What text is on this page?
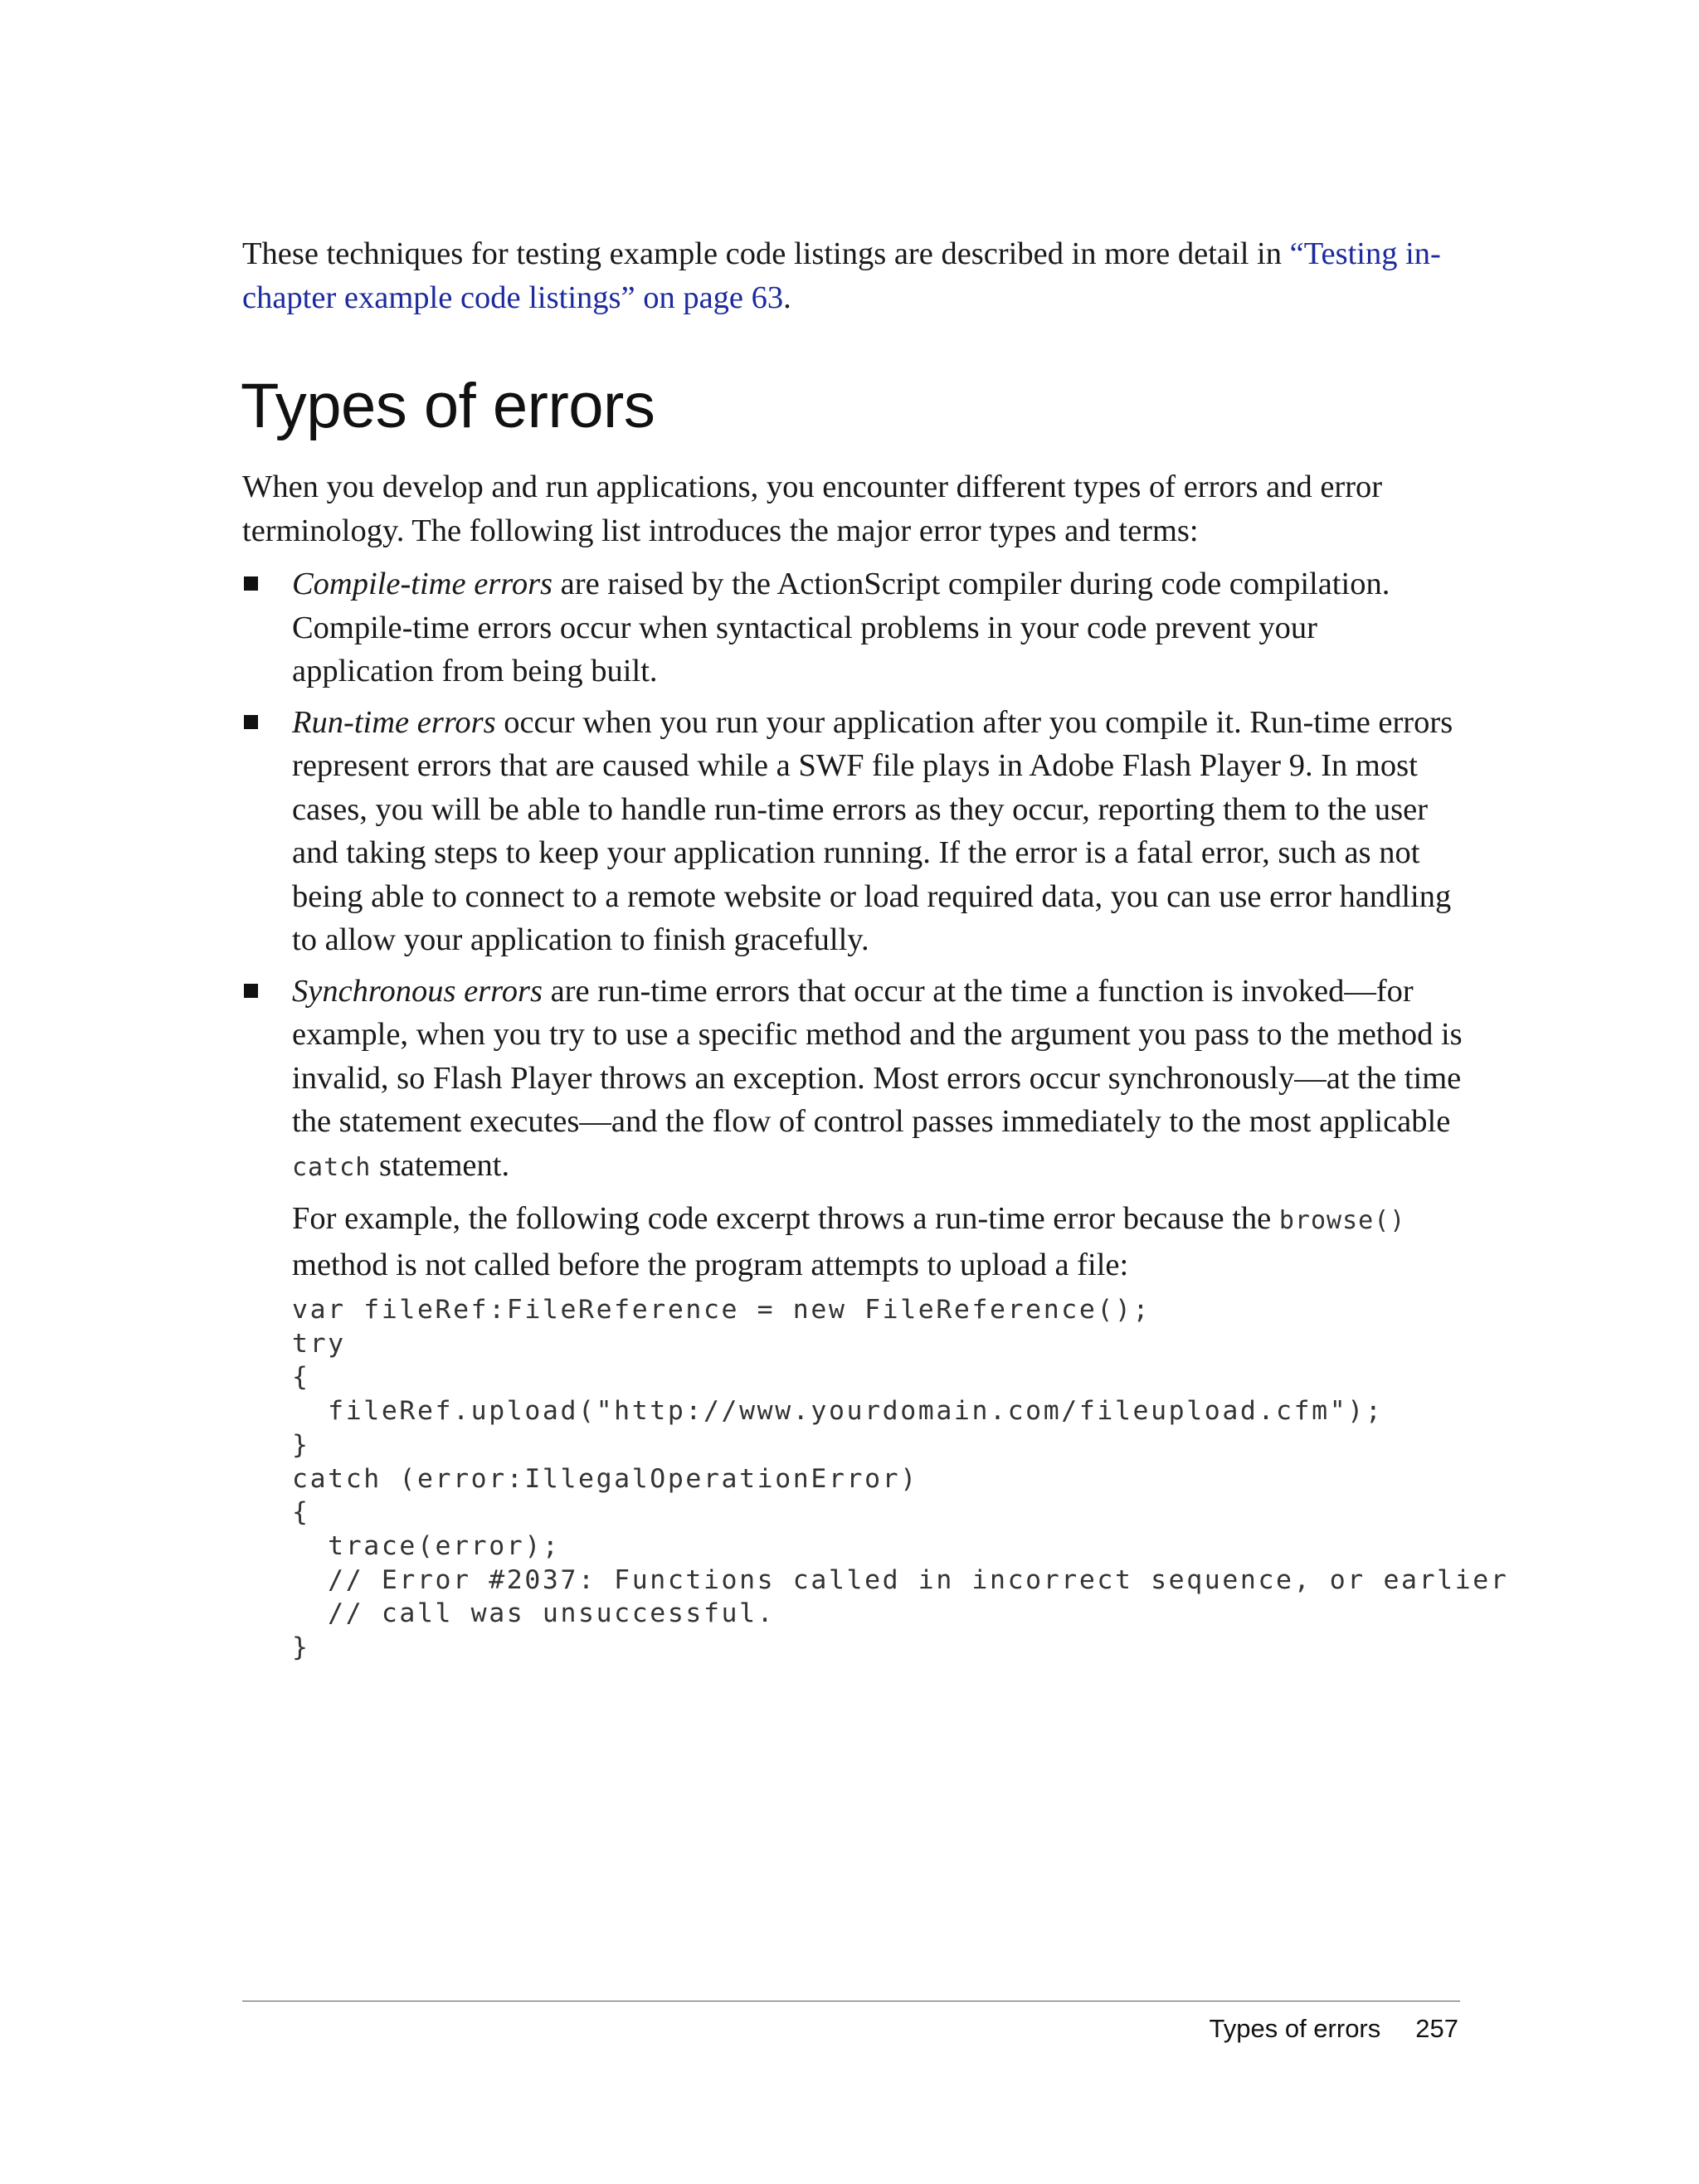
These techniques for testing example code listings are described in more detail in “Testing in-chapter example code listings” on page 63.

Types of errors

When you develop and run applications, you encounter different types of errors and error terminology. The following list introduces the major error types and terms:

Compile-time errors are raised by the ActionScript compiler during code compilation. Compile-time errors occur when syntactical problems in your code prevent your application from being built.
Run-time errors occur when you run your application after you compile it. Run-time errors represent errors that are caused while a SWF file plays in Adobe Flash Player 9. In most cases, you will be able to handle run-time errors as they occur, reporting them to the user and taking steps to keep your application running. If the error is a fatal error, such as not being able to connect to a remote website or load required data, you can use error handling to allow your application to finish gracefully.
Synchronous errors are run-time errors that occur at the time a function is invoked—for example, when you try to use a specific method and the argument you pass to the method is invalid, so Flash Player throws an exception. Most errors occur synchronously—at the time the statement executes—and the flow of control passes immediately to the most applicable catch statement.
For example, the following code excerpt throws a run-time error because the browse() method is not called before the program attempts to upload a file:
var fileRef:FileReference = new FileReference();
try
{
fileRef.upload("http://www.yourdomain.com/fileupload.cfm");
}
catch (error:IllegalOperationError)
{
trace(error);
// Error #2037: Functions called in incorrect sequence, or earlier
// call was unsuccessful.
}
Types of errors 257
